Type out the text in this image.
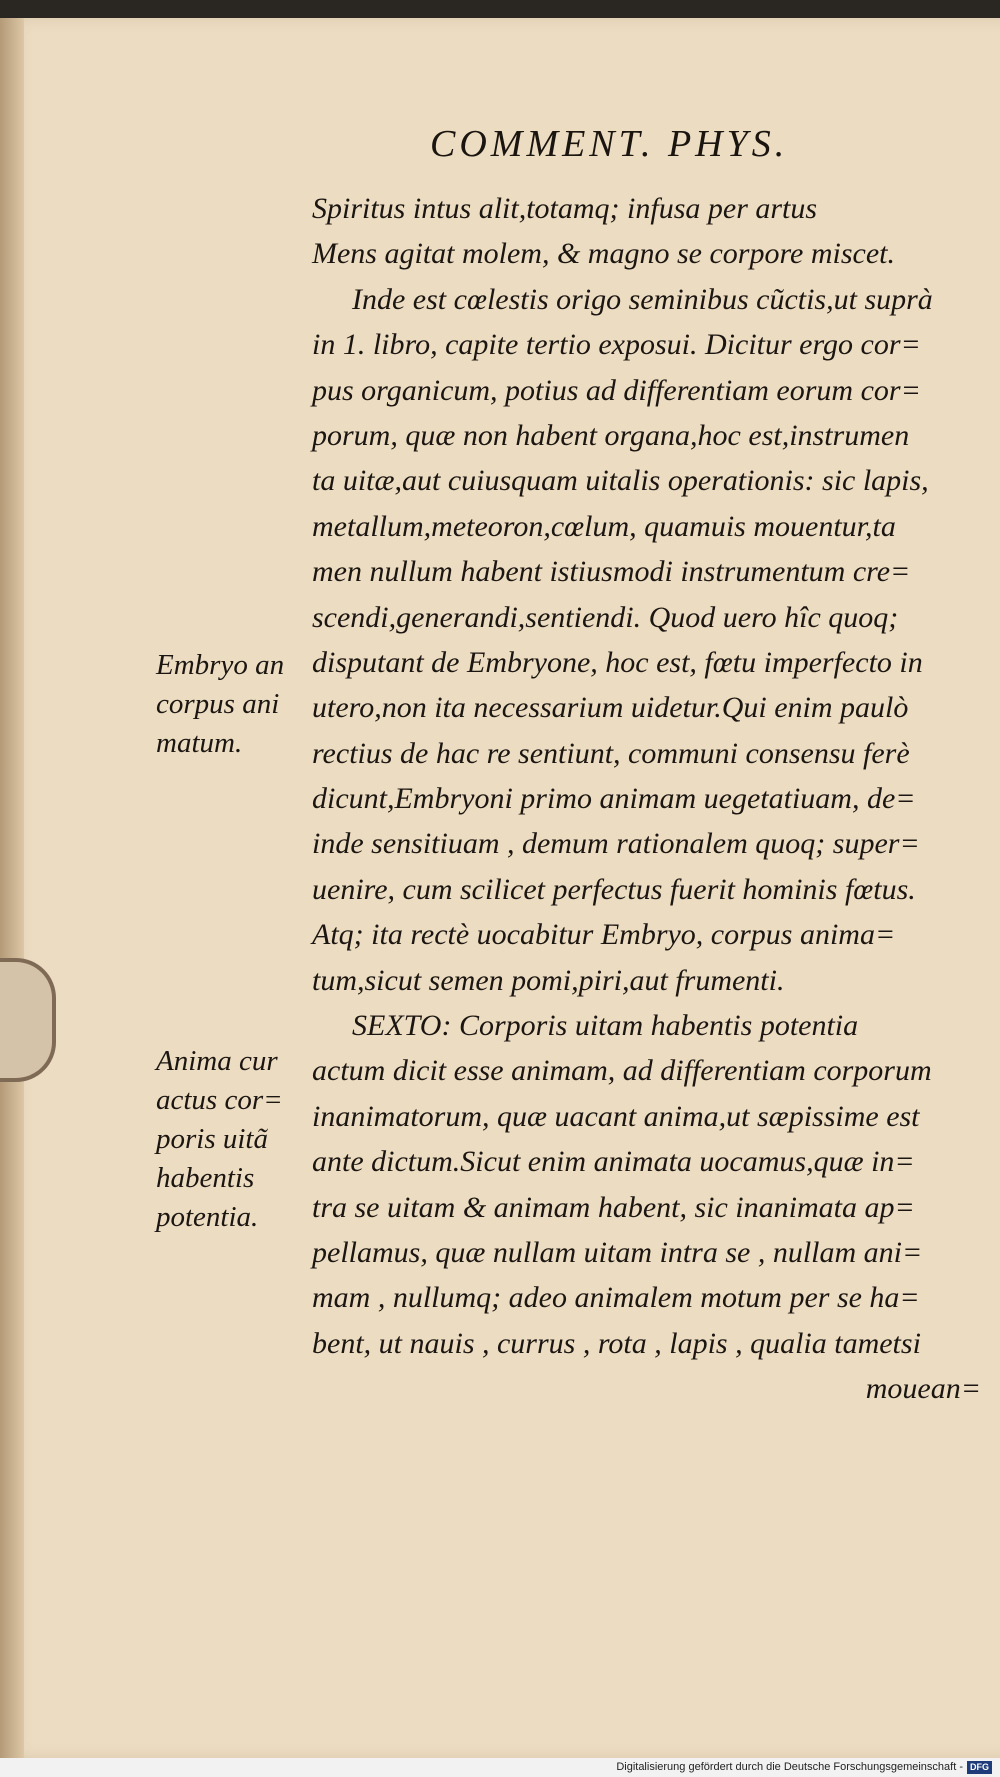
COMMENT. PHYS.
Spiritus intus alit,totamq; infusa per artus
Mens agitat molem, & magno se corpore miscet.
Inde est cœlestis origo seminibus cũctis,ut suprà
in 1. libro, capite tertio exposui. Dicitur ergo cor=
pus organicum, potius ad differentiam eorum cor=
porum, quæ non habent organa,hoc est,instrumen
ta uitæ,aut cuiusquam uitalis operationis: sic lapis,
metallum,meteoron,cœlum, quamuis mouentur,ta
men nullum habent istiusmodi instrumentum cre=
scendi,generandi,sentiendi. Quod uero hîc quoq;
disputant de Embryone, hoc est, fœtu imperfecto in
utero,non ita necessarium uidetur.Qui enim paulò
rectius de hac re sentiunt, communi consensu ferè
dicunt,Embryoni primo animam uegetatiuam, de=
inde sensitiuam , demum rationalem quoq; super=
uenire, cum scilicet perfectus fuerit hominis fœtus.
Atq; ita rectè uocabitur Embryo, corpus anima=
tum,sicut semen pomi,piri,aut frumenti.
SEXTO: Corporis uitam habentis potentia
actum dicit esse animam, ad differentiam corporum
inanimatorum, quæ uacant anima,ut sæpissime est
ante dictum.Sicut enim animata uocamus,quæ in=
tra se uitam & animam habent, sic inanimata ap=
pellamus, quæ nullam uitam intra se , nullam ani=
mam , nullumq; adeo animalem motum per se ha=
bent, ut nauis , currus , rota , lapis , qualia tametsi
mouean=
Embryo an
corpus ani
matum.
Anima cur
actus cor=
poris uitã
habentis
potentia.
Digitalisierung gefördert durch die Deutsche Forschungsgemeinschaft - DFG
